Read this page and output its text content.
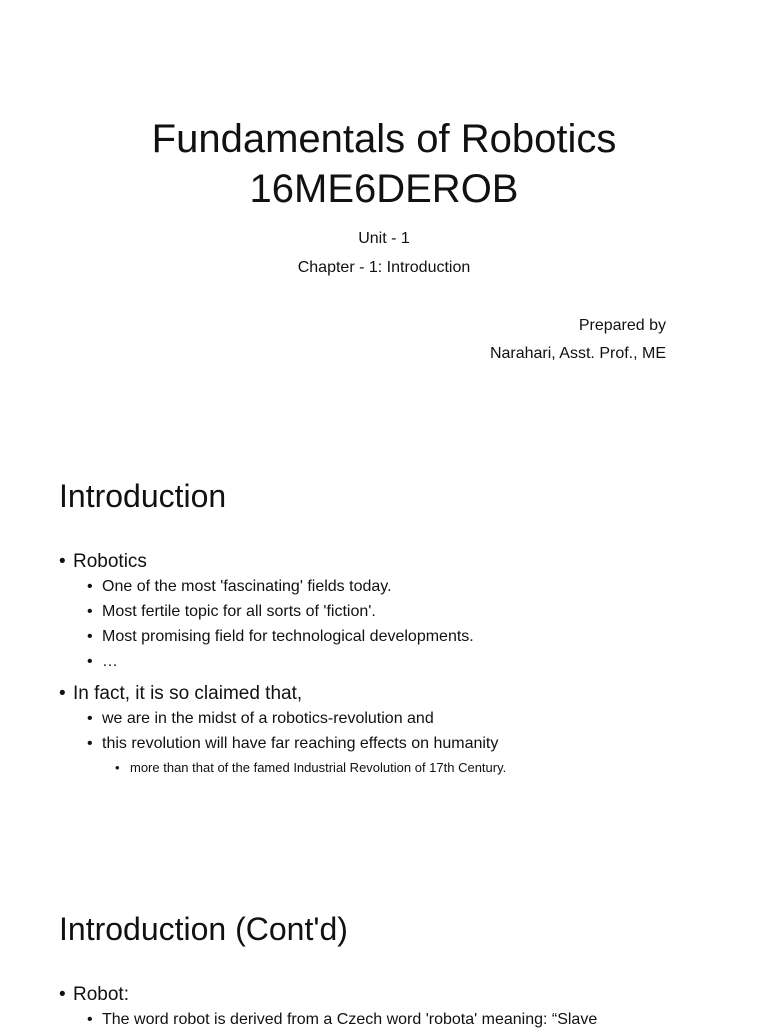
Fundamentals of Robotics
16ME6DEROB
Unit - 1
Chapter - 1: Introduction
Prepared by
Narahari, Asst. Prof., ME
Introduction
• Robotics
• One of the most 'fascinating' fields today.
• Most fertile topic for all sorts of 'fiction'.
• Most promising field for technological developments.
• …
• In fact, it is so claimed that,
• we are in the midst of a robotics-revolution and
• this revolution will have far reaching effects on humanity
• more than that of the famed Industrial Revolution of 17th Century.
Introduction (Cont'd)
• Robot:
• The word robot is derived from a Czech word 'robota' meaning: “Slave
